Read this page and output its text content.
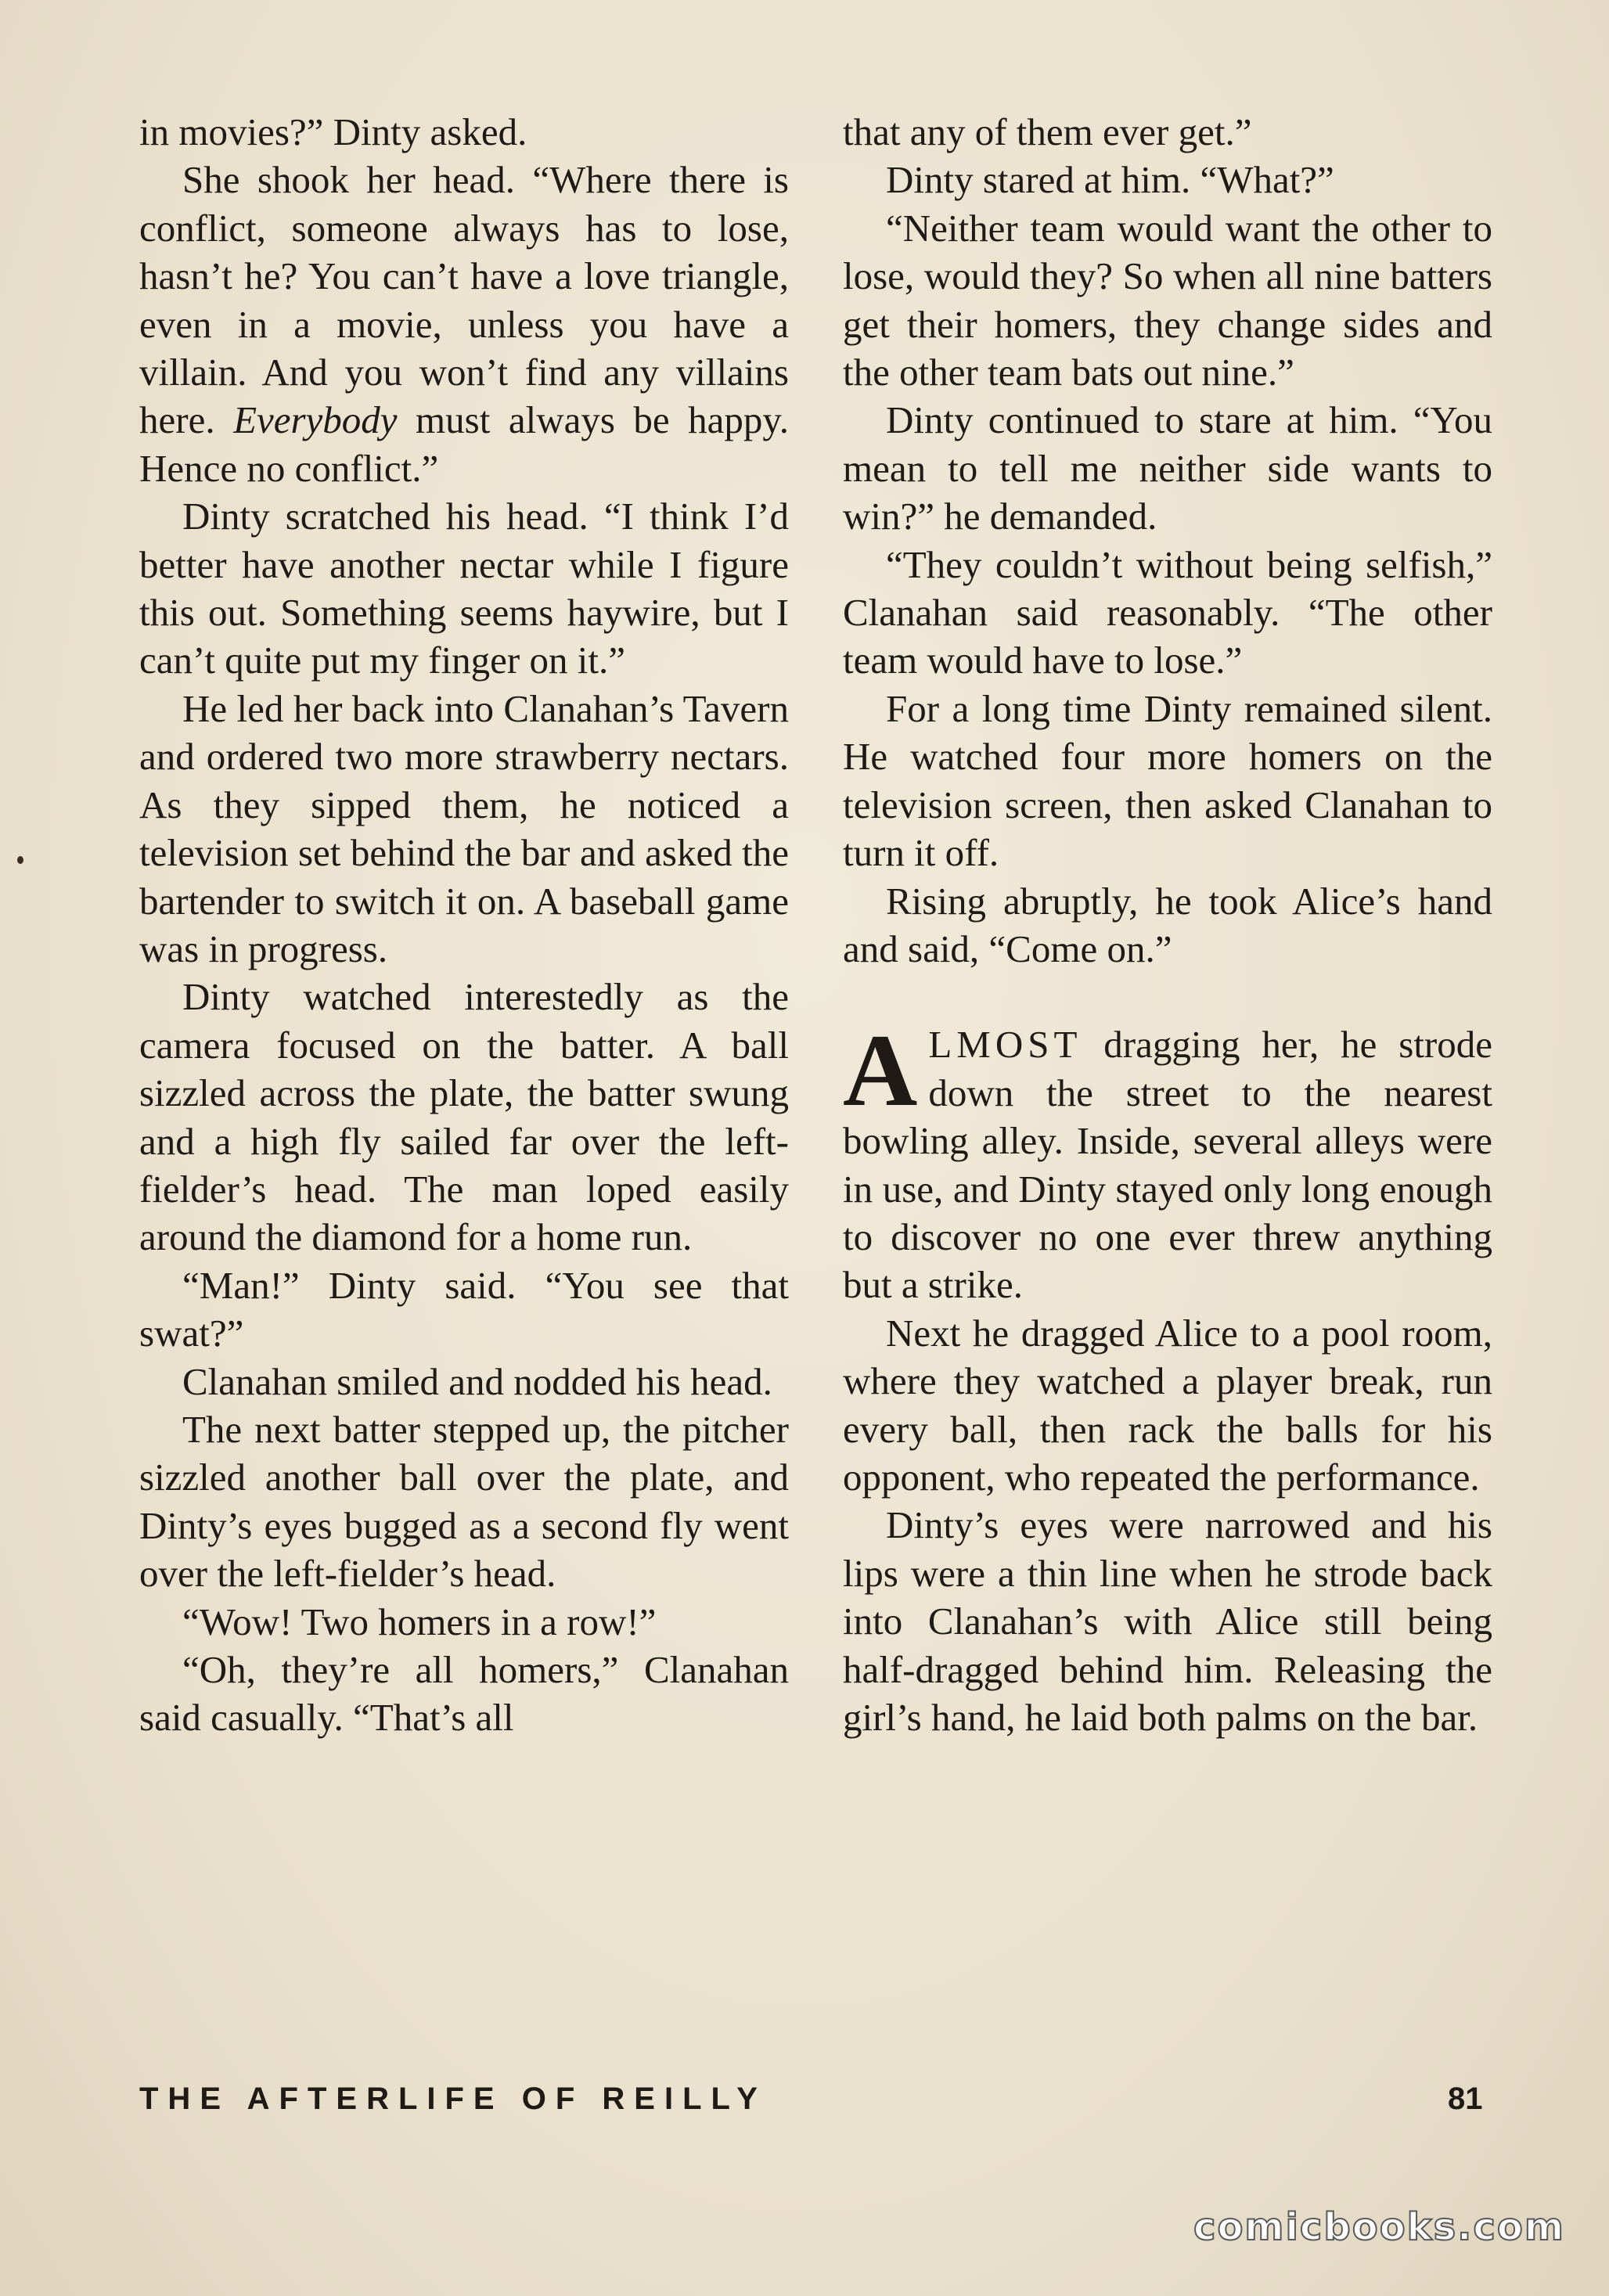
in movies?” Dinty asked.

She shook her head. “Where there is conflict, someone always has to lose, hasn’t he? You can’t have a love triangle, even in a movie, unless you have a villain. And you won’t find any villains here. Everybody must always be happy. Hence no conflict.”

Dinty scratched his head. “I think I’d better have another nectar while I figure this out. Something seems haywire, but I can’t quite put my finger on it.”

He led her back into Clanahan’s Tavern and ordered two more strawberry nectars. As they sipped them, he noticed a television set behind the bar and asked the bartender to switch it on. A baseball game was in progress.

Dinty watched interestedly as the camera focused on the batter. A ball sizzled across the plate, the batter swung and a high fly sailed far over the left-fielder’s head. The man loped easily around the diamond for a home run.

“Man!” Dinty said. “You see that swat?”

Clanahan smiled and nodded his head.

The next batter stepped up, the pitcher sizzled another ball over the plate, and Dinty’s eyes bugged as a second fly went over the left-fielder’s head.

“Wow! Two homers in a row!”

“Oh, they’re all homers,” Clanahan said casually. “That’s all

that any of them ever get.”

Dinty stared at him. “What?”

“Neither team would want the other to lose, would they? So when all nine batters get their homers, they change sides and the other team bats out nine.”

Dinty continued to stare at him. “You mean to tell me neither side wants to win?” he demanded.

“They couldn’t without being selfish,” Clanahan said reasonably. “The other team would have to lose.”

For a long time Dinty remained silent. He watched four more homers on the television screen, then asked Clanahan to turn it off.

Rising abruptly, he took Alice’s hand and said, “Come on.”

ALMOST dragging her, he strode down the street to the nearest bowling alley. Inside, several alleys were in use, and Dinty stayed only long enough to discover no one ever threw anything but a strike.

Next he dragged Alice to a pool room, where they watched a player break, run every ball, then rack the balls for his opponent, who repeated the performance.

Dinty’s eyes were narrowed and his lips were a thin line when he strode back into Clanahan’s with Alice still being half-dragged behind him. Releasing the girl’s hand, he laid both palms on the bar.

THE AFTERLIFE OF REILLY	81
comicbooks.com
